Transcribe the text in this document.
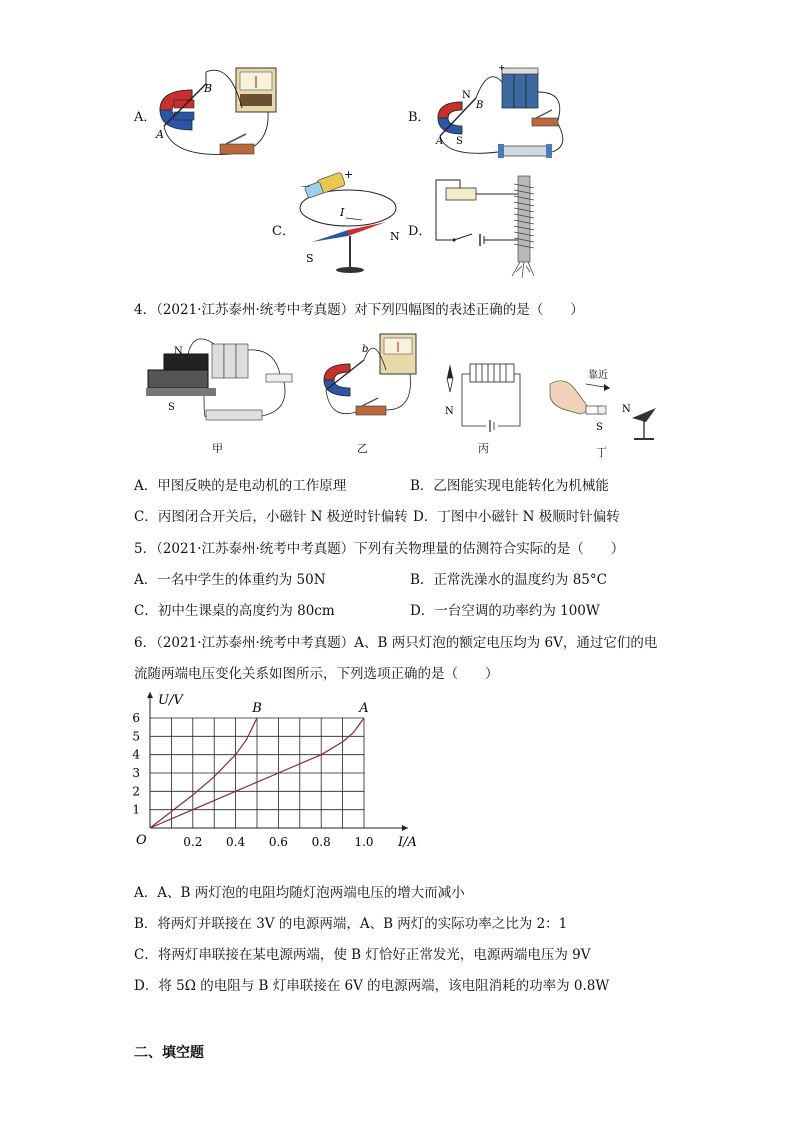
A．
B
A
B．
+
N
B
A S
C．
－
+
I
N
S
D．
4．（2021·江苏泰州·统考中考真题）对下列四幅图的表述正确的是（　　）
N
S
甲
b
乙
N
丙
靠近
S
N
丁
A．甲图反映的是电动机的工作原理	B．乙图能实现电能转化为机械能
C．丙图闭合开关后，小磁针 N 极逆时针偏转 D．丁图中小磁针 N 极顺时针偏转
5．（2021·江苏泰州·统考中考真题）下列有关物理量的估测符合实际的是（　　）
A．一名中学生的体重约为 50N	B．正常洗澡水的温度约为 85°C
C．初中生课桌的高度约为 80cm	D．一台空调的功率约为 100W
6．（2021·江苏泰州·统考中考真题）A、B 两只灯泡的额定电压均为 6V，通过它们的电
流随两端电压变化关系如图所示，下列选项正确的是（　　）
0.2 0.4 0.6 0.8 1.0
1
2
3
4
5
6
B	A
O	I/A
U/V
A．A、B 两灯泡的电阻均随灯泡两端电压的增大而减小
B．将两灯并联接在 3V 的电源两端，A、B 两灯的实际功率之比为 2：1
C．将两灯串联接在某电源两端，使 B 灯恰好正常发光，电源两端电压为 9V
D．将 5Ω 的电阻与 B 灯串联接在 6V 的电源两端，该电阻消耗的功率为 0.8W
二、填空题
